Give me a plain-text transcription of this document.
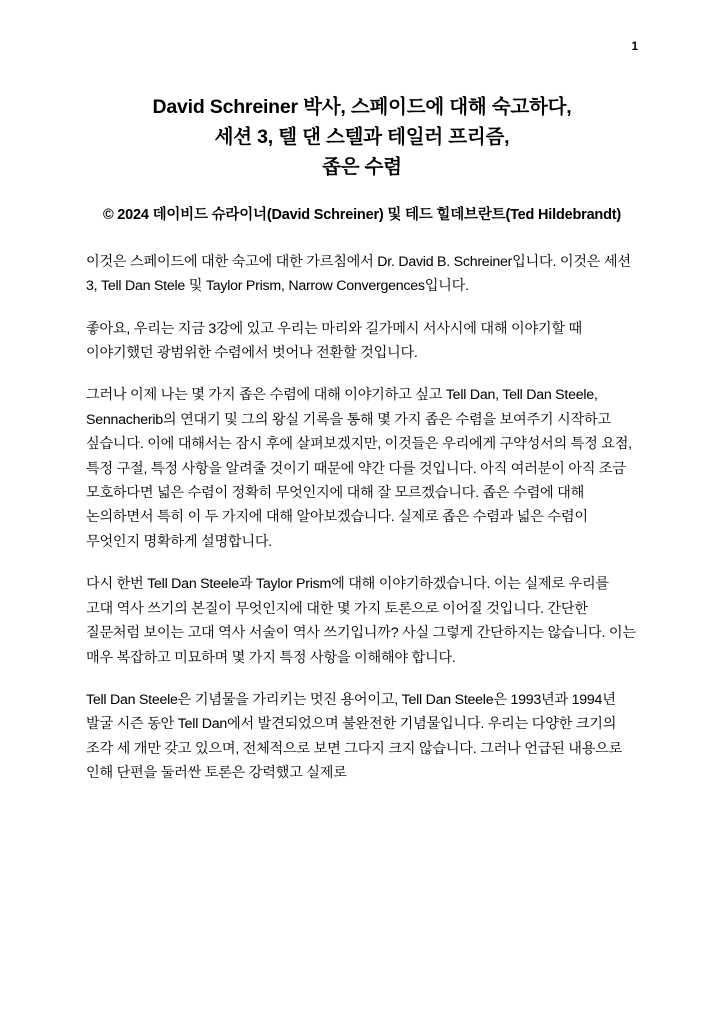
1
David Schreiner 박사, 스페이드에 대해 숙고하다,
세션 3, 텔 댄 스텔과 테일러 프리즘,
좁은 수렴
© 2024 데이비드 슈라이너(David Schreiner) 및 테드 힐데브란트(Ted Hildebrandt)

이것은 스페이드에 대한 숙고에 대한 가르침에서 Dr. David B. Schreiner입니다. 이것은 세션 3, Tell Dan Stele 및 Taylor Prism, Narrow Convergences입니다.

좋아요, 우리는 지금 3강에 있고 우리는 마리와 길가메시 서사시에 대해 이야기할 때 이야기했던 광범위한 수렴에서 벗어나 전환할 것입니다.

그러나 이제 나는 몇 가지 좁은 수렴에 대해 이야기하고 싶고 Tell Dan, Tell Dan Steele, Sennacherib의 연대기 및 그의 왕실 기록을 통해 몇 가지 좁은 수렴을 보여주기 시작하고 싶습니다. 이에 대해서는 잠시 후에 살펴보겠지만, 이것들은 우리에게 구약성서의 특정 요점, 특정 구절, 특정 사항을 알려줄 것이기 때문에 약간 다를 것입니다. 아직 여러분이 아직 조금 모호하다면 넓은 수렴이 정확히 무엇인지에 대해 잘 모르겠습니다. 좁은 수렴에 대해 논의하면서 특히 이 두 가지에 대해 알아보겠습니다. 실제로 좁은 수렴과 넓은 수렴이 무엇인지 명확하게 설명합니다.

다시 한번 Tell Dan Steele과 Taylor Prism에 대해 이야기하겠습니다. 이는 실제로 우리를 고대 역사 쓰기의 본질이 무엇인지에 대한 몇 가지 토론으로 이어질 것입니다. 간단한 질문처럼 보이는 고대 역사 서술이 역사 쓰기입니까? 사실 그렇게 간단하지는 않습니다. 이는 매우 복잡하고 미묘하며 몇 가지 특정 사항을 이해해야 합니다.

Tell Dan Steele은 기념물을 가리키는 멋진 용어이고, Tell Dan Steele은 1993년과 1994년 발굴 시즌 동안 Tell Dan에서 발견되었으며 불완전한 기념물입니다. 우리는 다양한 크기의 조각 세 개만 갖고 있으며, 전체적으로 보면 그다지 크지 않습니다. 그러나 언급된 내용으로 인해 단편을 둘러싼 토론은 강력했고 실제로
